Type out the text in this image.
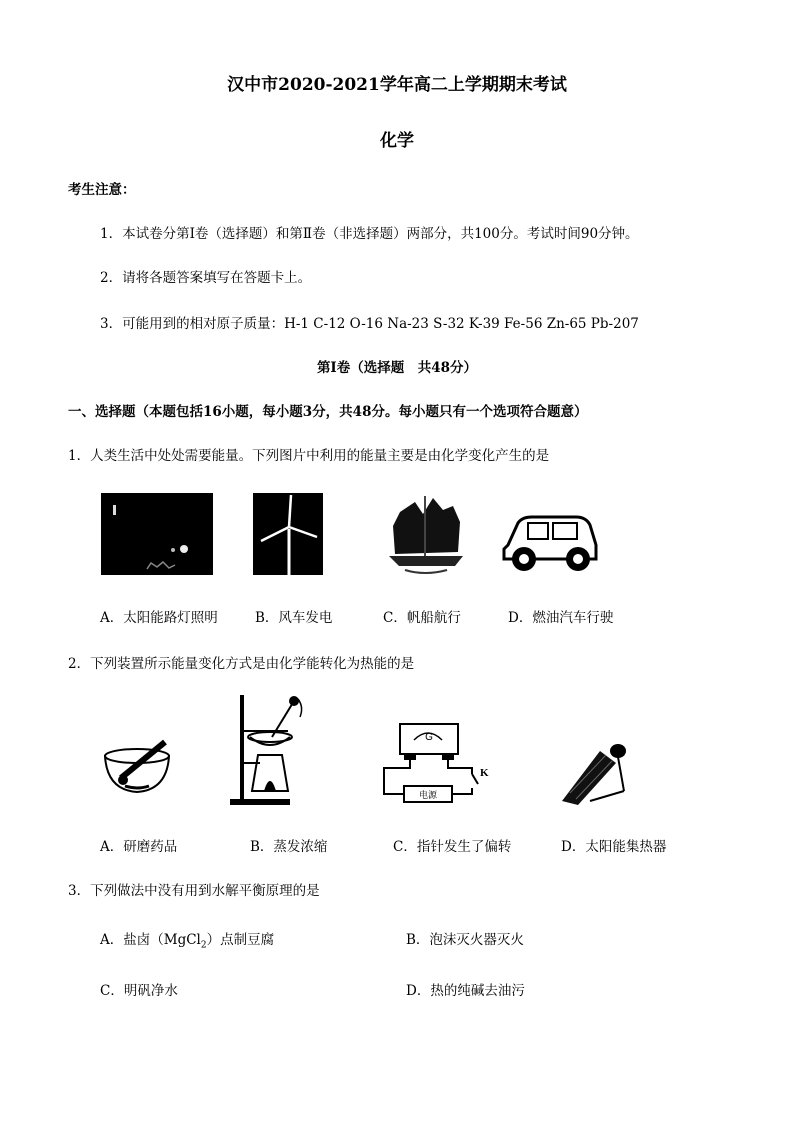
汉中市2020-2021学年高二上学期期末考试
化学
考生注意：
1．本试卷分第Ⅰ卷（选择题）和第Ⅱ卷（非选择题）两部分，共100分。考试时间90分钟。
2．请将各题答案填写在答题卡上。
3．可能用到的相对原子质量：H-1 C-12 O-16 Na-23 S-32 K-39 Fe-56 Zn-65 Pb-207
第Ⅰ卷（选择题　共48分）
一、选择题（本题包括16小题，每小题3分，共48分。每小题只有一个选项符合题意）
1．人类生活中处处需要能量。下列图片中利用的能量主要是由化学变化产生的是
A．太阳能路灯照明	B．风车发电	C．帆船航行	D．燃油汽车行驶
2．下列装置所示能量变化方式是由化学能转化为热能的是
G
K
电源
A．研磨药品	B．蒸发浓缩	C．指针发生了偏转	D．太阳能集热器
3．下列做法中没有用到水解平衡原理的是
A．盐卤（MgCl$_2$）点制豆腐	B．泡沫灭火器灭火
C．明矾净水	D．热的纯碱去油污
